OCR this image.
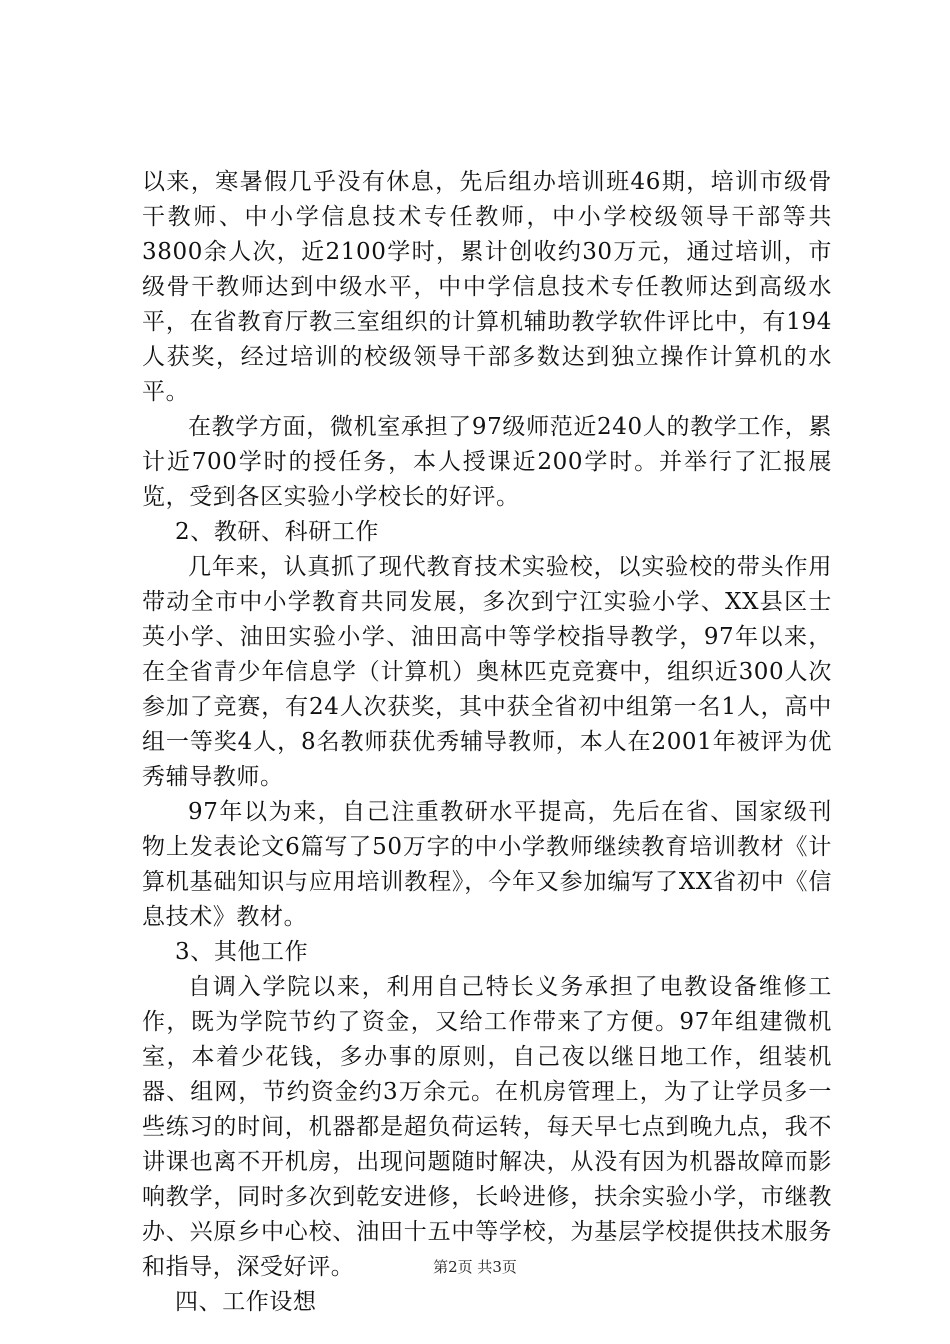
以来，寒暑假几乎没有休息，先后组办培训班46期，培训市级骨干教师、中小学信息技术专任教师，中小学校级领导干部等共3800余人次，近2100学时，累计创收约30万元，通过培训，市级骨干教师达到中级水平，中中学信息技术专任教师达到高级水平，在省教育厅教三室组织的计算机辅助教学软件评比中，有194人获奖，经过培训的校级领导干部多数达到独立操作计算机的水平。

在教学方面，微机室承担了97级师范近240人的教学工作，累计近700学时的授任务，本人授课近200学时。并举行了汇报展览，受到各区实验小学校长的好评。

2、教研、科研工作

几年来，认真抓了现代教育技术实验校，以实验校的带头作用带动全市中小学教育共同发展，多次到宁江实验小学、XX县区士英小学、油田实验小学、油田高中等学校指导教学，97年以来，在全省青少年信息学（计算机）奥林匹克竞赛中，组织近300人次参加了竞赛，有24人次获奖，其中获全省初中组第一名1人，高中组一等奖4人，8名教师获优秀辅导教师，本人在2001年被评为优秀辅导教师。

97年以为来，自己注重教研水平提高，先后在省、国家级刊物上发表论文6篇写了50万字的中小学教师继续教育培训教材《计算机基础知识与应用培训教程》，今年又参加编写了XX省初中《信息技术》教材。

3、其他工作

自调入学院以来，利用自己特长义务承担了电教设备维修工作，既为学院节约了资金，又给工作带来了方便。97年组建微机室，本着少花钱，多办事的原则，自己夜以继日地工作，组装机器、组网，节约资金约3万余元。在机房管理上，为了让学员多一些练习的时间，机器都是超负荷运转，每天早七点到晚九点，我不讲课也离不开机房，出现问题随时解决，从没有因为机器故障而影响教学，同时多次到乾安进修，长岭进修，扶余实验小学，市继教办、兴原乡中心校、油田十五中等学校，为基层学校提供技术服务和指导，深受好评。

四、工作设想

第2页 共3页
